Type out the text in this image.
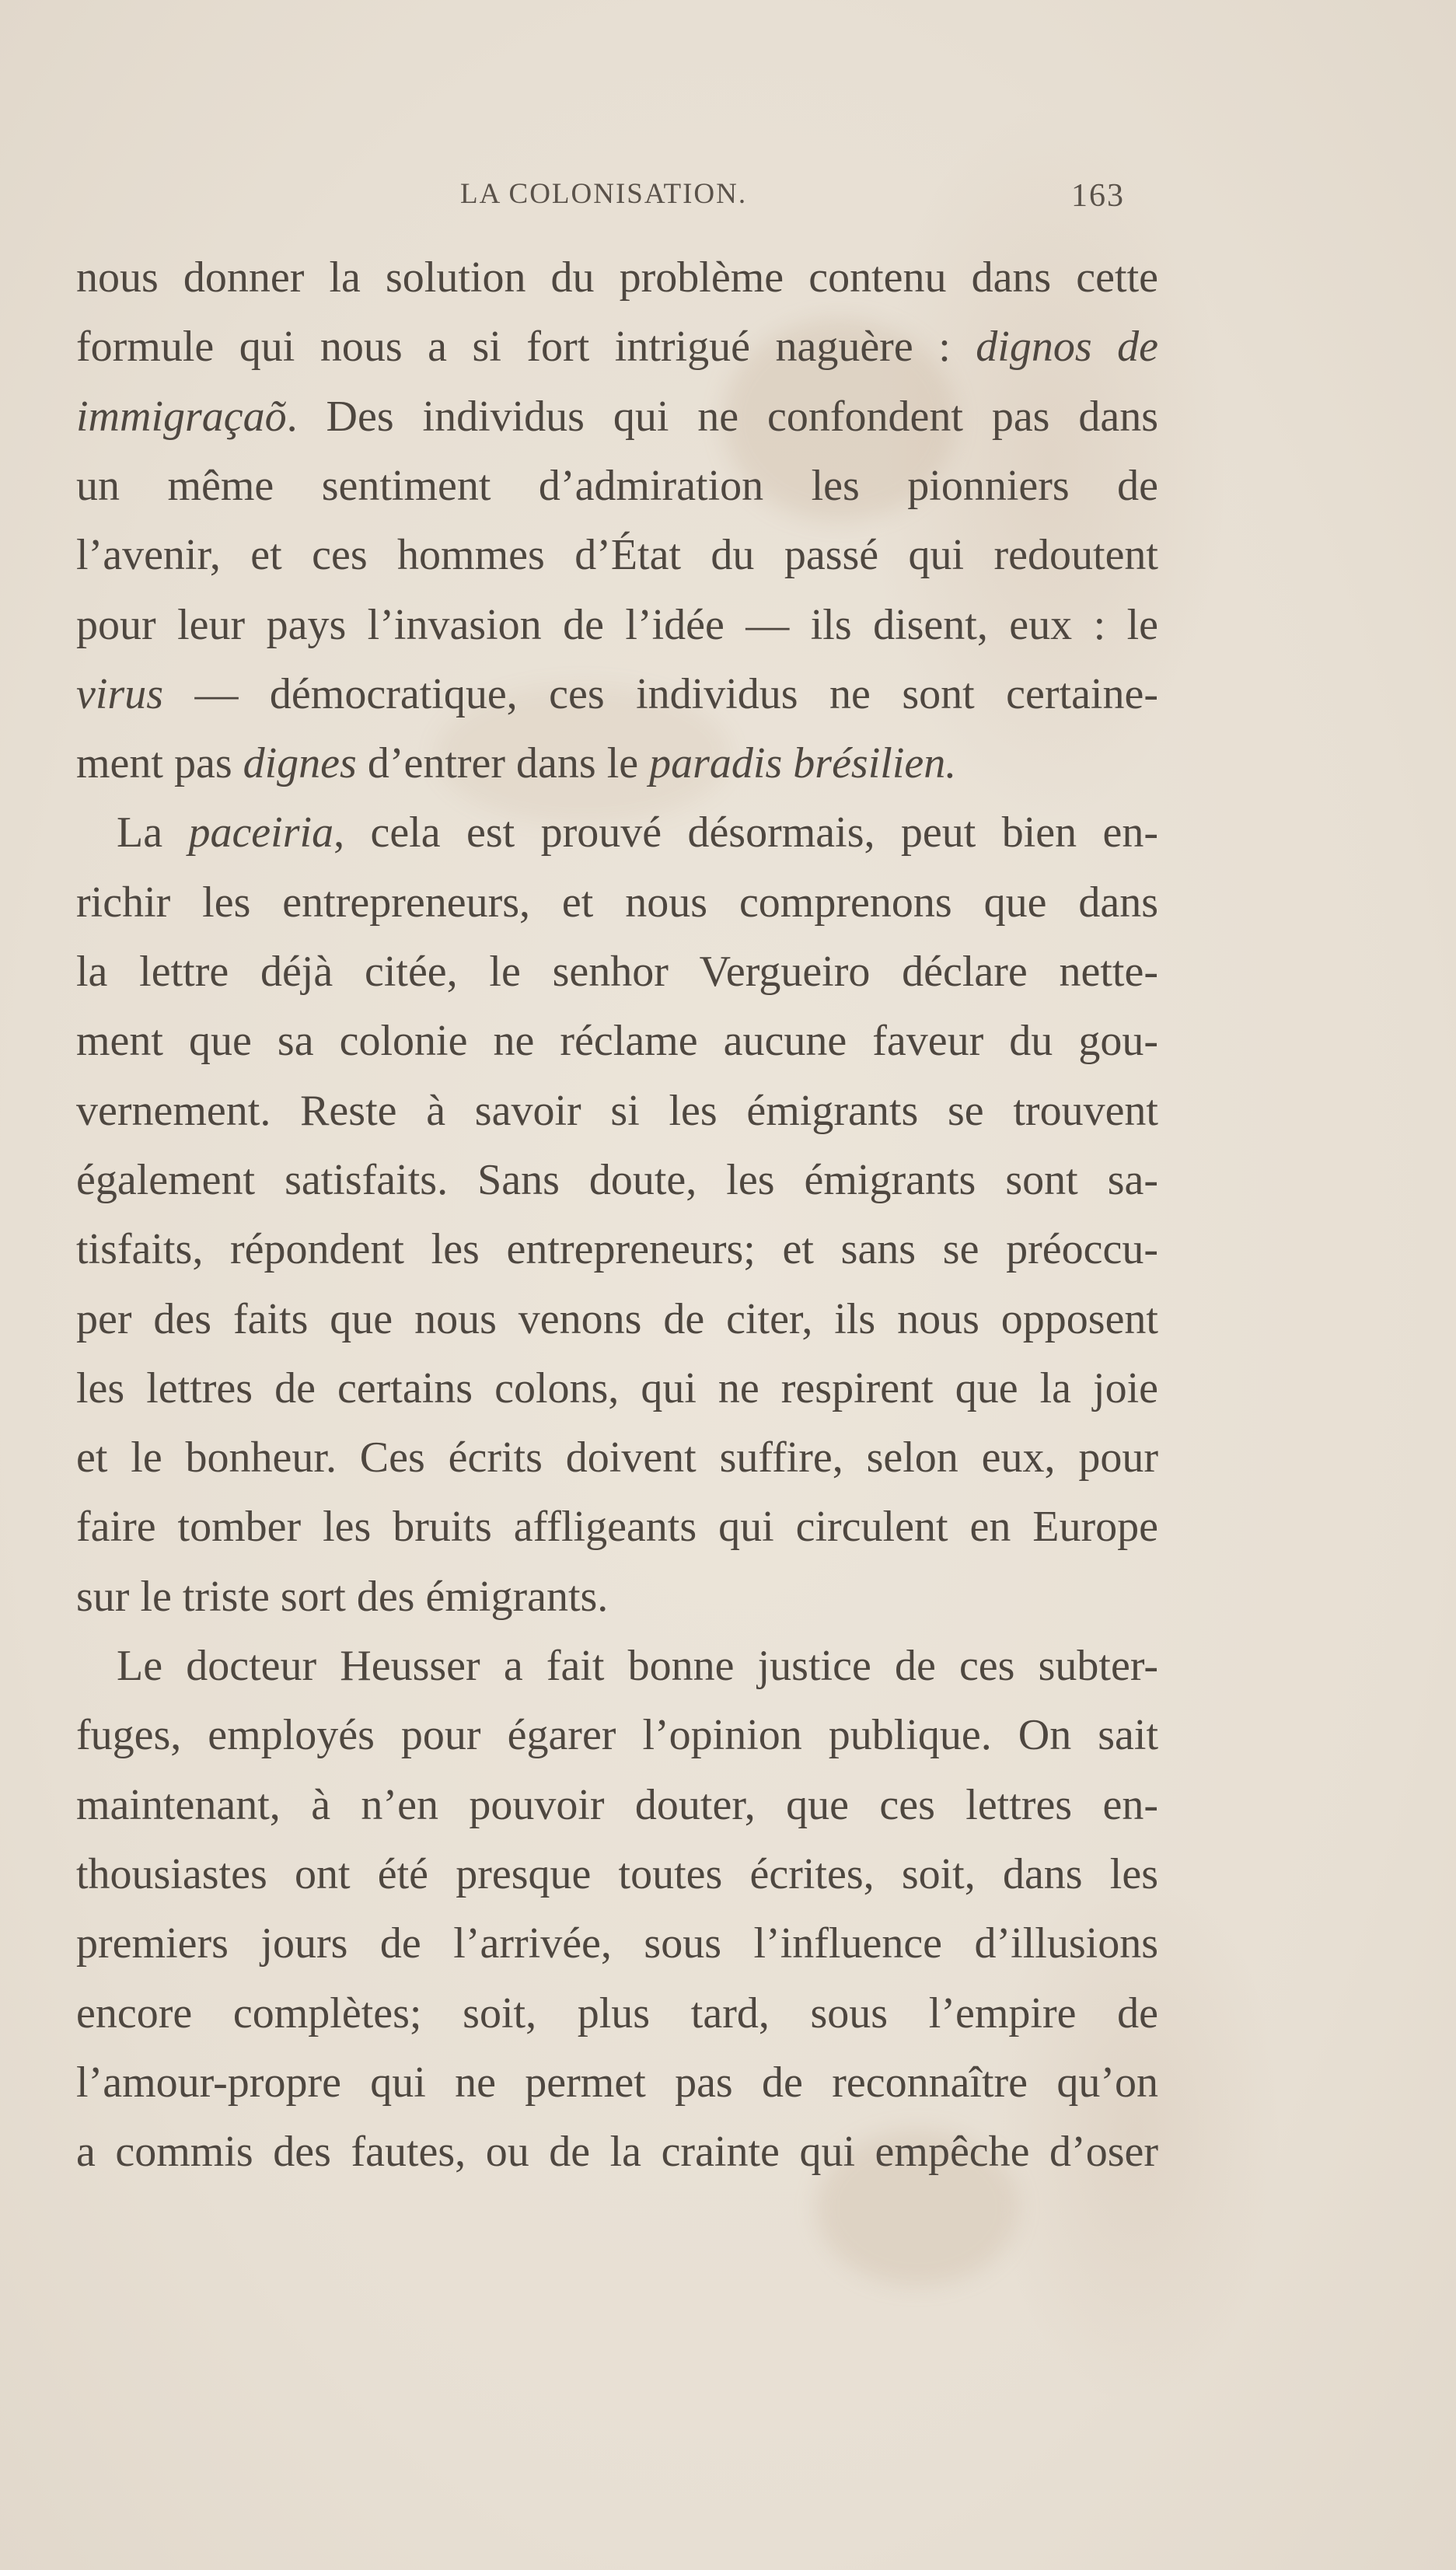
LA COLONISATION.	163
nous donner la solution du problème contenu dans cette
formule qui nous a si fort intrigué naguère : dignos de
immigraçaõ. Des individus qui ne confondent pas dans
un même sentiment d’admiration les pionniers de
l’avenir, et ces hommes d’État du passé qui redoutent
pour leur pays l’invasion de l’idée — ils disent, eux : le
virus — démocratique, ces individus ne sont certaine-
ment pas dignes d’entrer dans le paradis brésilien.
La paceiria, cela est prouvé désormais, peut bien en-
richir les entrepreneurs, et nous comprenons que dans
la lettre déjà citée, le senhor Vergueiro déclare nette-
ment que sa colonie ne réclame aucune faveur du gou-
vernement. Reste à savoir si les émigrants se trouvent
également satisfaits. Sans doute, les émigrants sont sa-
tisfaits, répondent les entrepreneurs; et sans se préoccu-
per des faits que nous venons de citer, ils nous opposent
les lettres de certains colons, qui ne respirent que la joie
et le bonheur. Ces écrits doivent suffire, selon eux, pour
faire tomber les bruits affligeants qui circulent en Europe
sur le triste sort des émigrants.
Le docteur Heusser a fait bonne justice de ces subter-
fuges, employés pour égarer l’opinion publique. On sait
maintenant, à n’en pouvoir douter, que ces lettres en-
thousiastes ont été presque toutes écrites, soit, dans les
premiers jours de l’arrivée, sous l’influence d’illusions
encore complètes; soit, plus tard, sous l’empire de
l’amour-propre qui ne permet pas de reconnaître qu’on
a commis des fautes, ou de la crainte qui empêche d’oser
